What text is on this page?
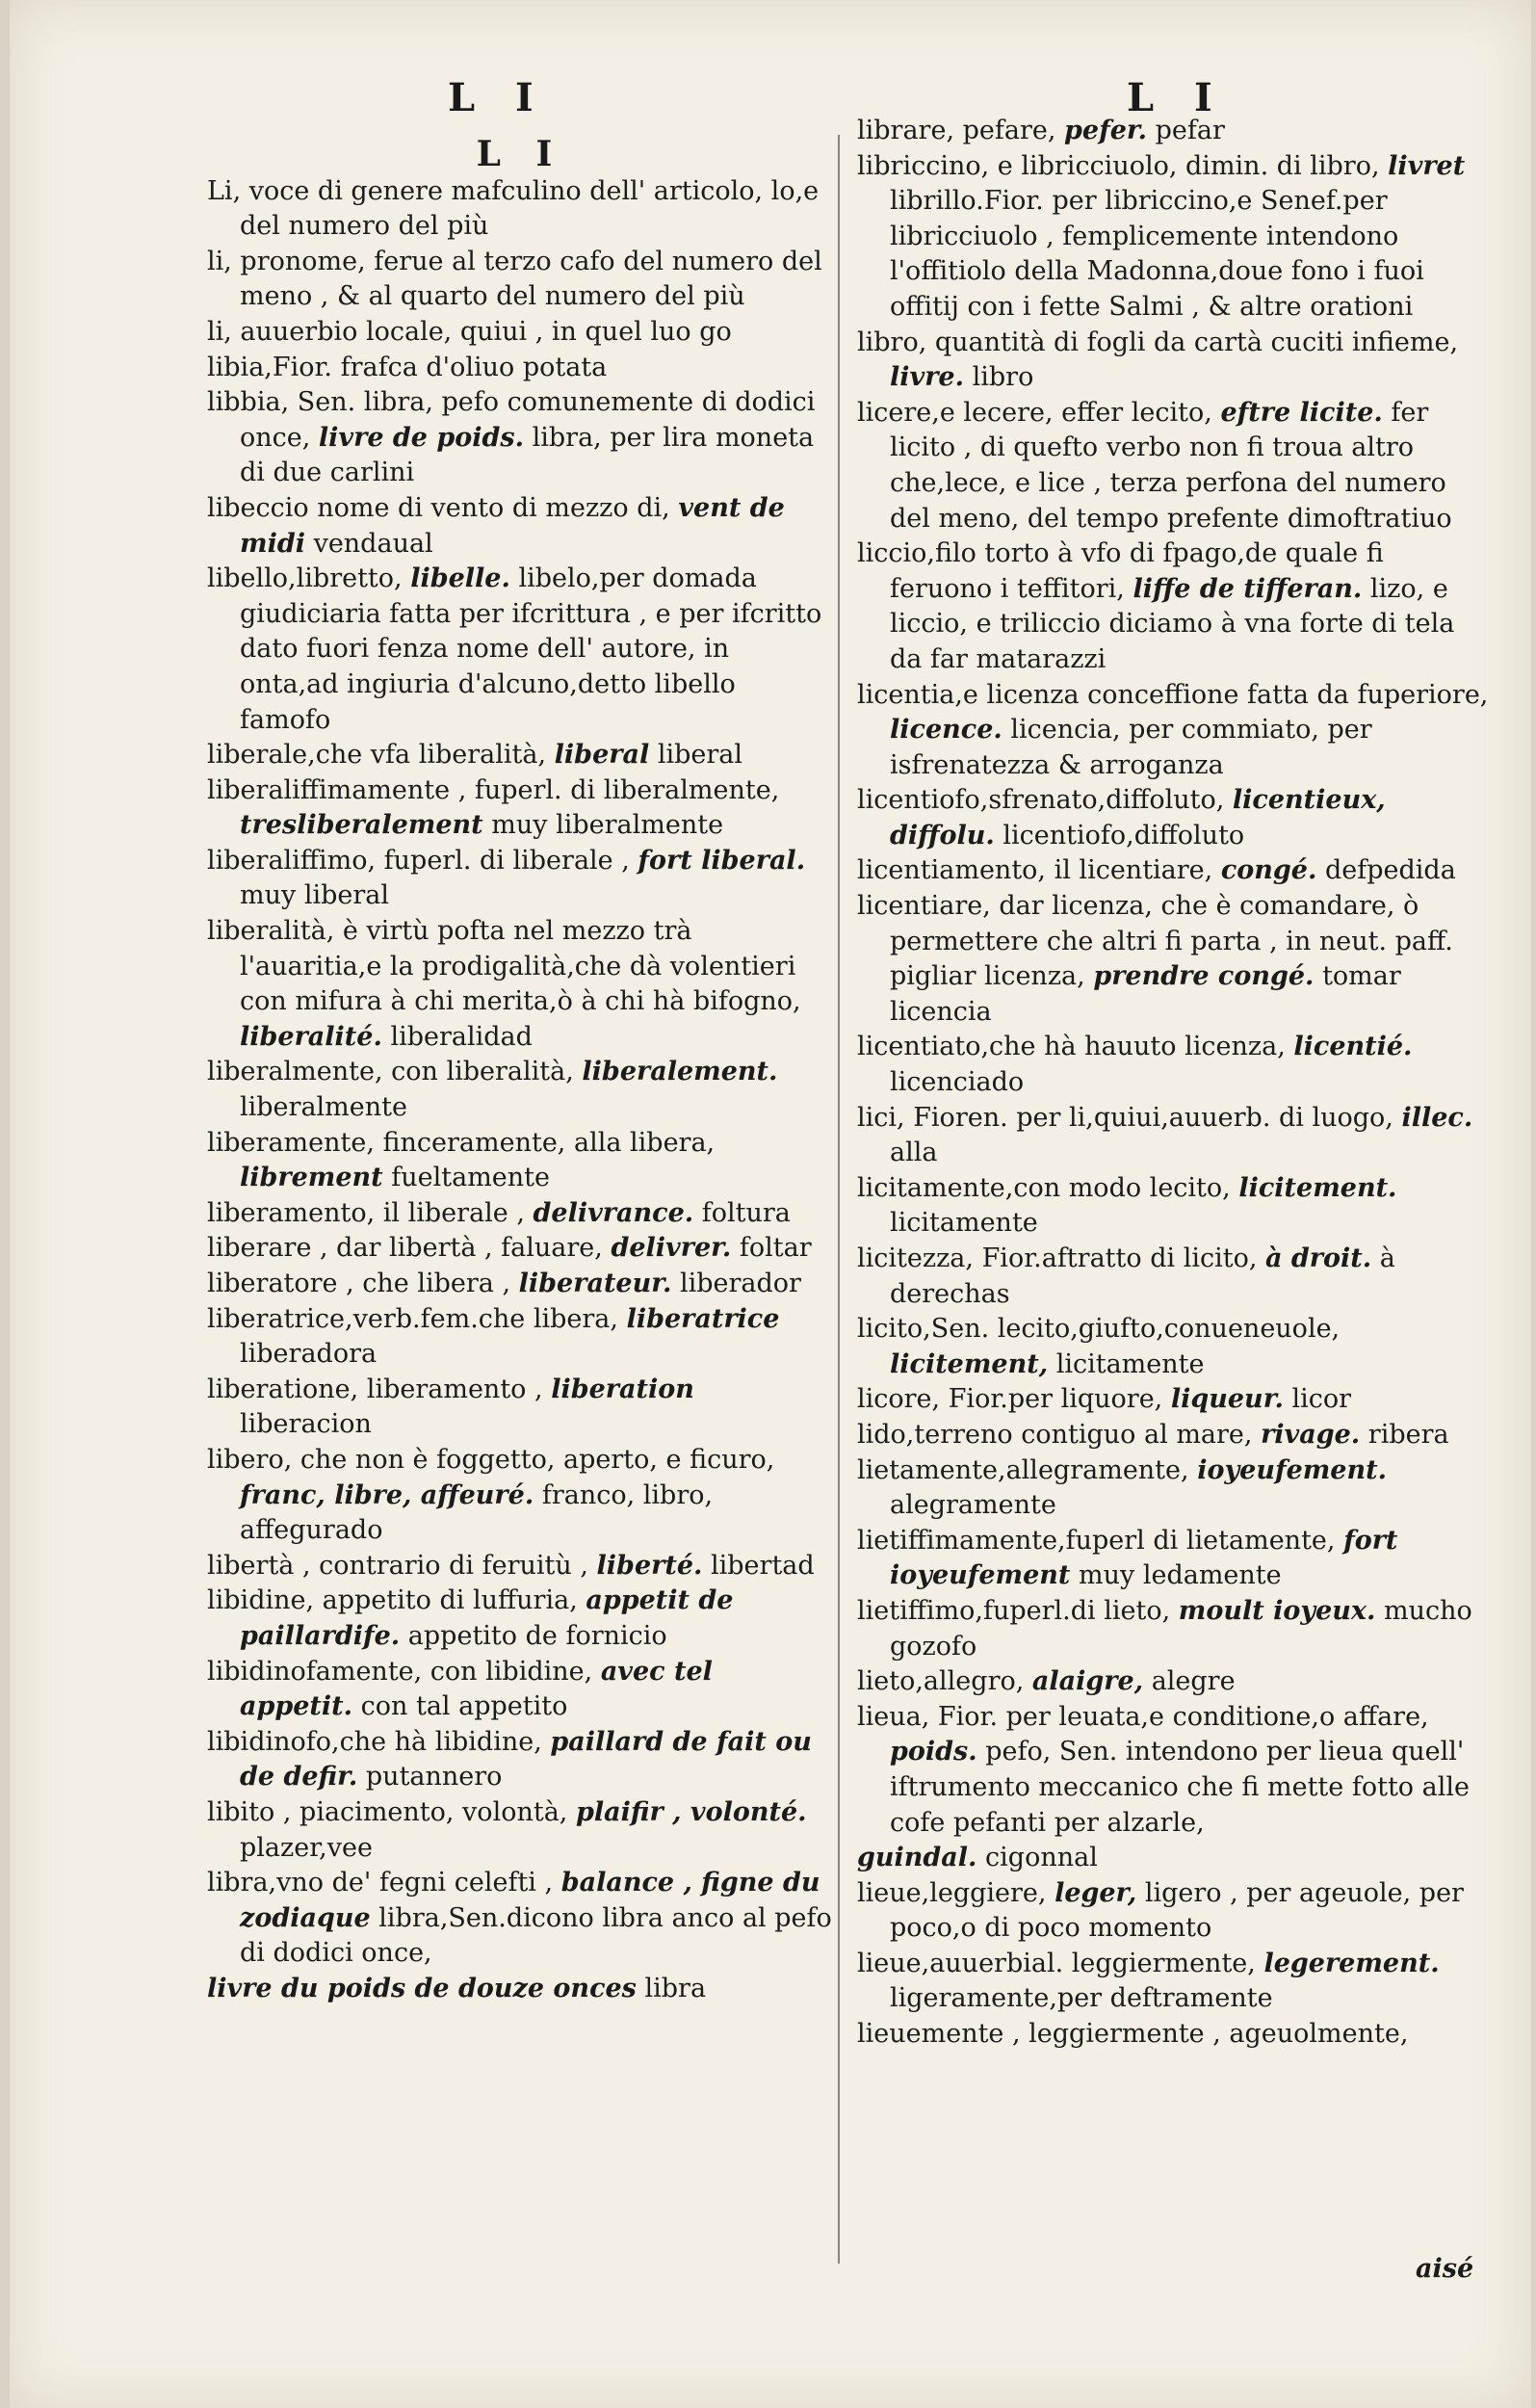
L I	L I
L I

Li, voce di genere mafculino dell' articolo, lo,e del numero del più

li, pronome, ferue al terzo cafo del numero del meno , & al quarto del numero del più

li, auuerbio locale, quiui , in quel luo go

libia,Fior. frafca d'oliuo potata

libbia, Sen. libra, pefo comunemente di dodici once, livre de poids. libra, per lira moneta di due carlini

libeccio nome di vento di mezzo di, vent de midi vendaual

libello,libretto, libelle. libelo,per domada giudiciaria fatta per ifcrittura , e per ifcritto dato fuori fenza nome dell' autore, in onta,ad ingiuria d'alcuno,detto libello famofo

liberale,che vfa liberalità, liberal liberal

liberaliffimamente , fuperl. di liberalmente, tresliberalement muy liberalmente

liberaliffimo, fuperl. di liberale , fort liberal. muy liberal

liberalità, è virtù pofta nel mezzo trà l'auaritia,e la prodigalità,che dà volentieri con mifura à chi merita,ò à chi hà bifogno, liberalité. liberalidad

liberalmente, con liberalità, liberalement. liberalmente

liberamente, finceramente, alla libera, librement fueltamente

liberamento, il liberale , delivrance. foltura

liberare , dar libertà , faluare, delivrer. foltar

liberatore , che libera , liberateur. liberador

liberatrice,verb.fem.che libera, liberatrice liberadora

liberatione, liberamento , liberation liberacion

libero, che non è foggetto, aperto, e ficuro, franc, libre, affeuré. franco, libro, affegurado

libertà , contrario di feruitù , liberté. libertad

libidine, appetito di luffuria, appetit de paillardife. appetito de fornicio

libidinofamente, con libidine, avec tel appetit. con tal appetito

libidinofo,che hà libidine, paillard de fait ou de defir. putannero

libito , piacimento, volontà, plaifir , volonté. plazer,vee

libra,vno de' fegni celefti , balance , figne du zodiaque libra,Sen.dicono libra anco al pefo di dodici once,

livre du poids de douze onces libra

librare, pefare, pefer. pefar

libriccino, e libricciuolo, dimin. di libro, livret librillo.Fior. per libriccino,e Senef.per libricciuolo , femplicemente intendono l'offitiolo della Madonna,doue fono i fuoi offitij con i fette Salmi , & altre orationi

libro, quantità di fogli da cartà cuciti infieme, livre. libro

licere,e lecere, effer lecito, eftre licite. fer licito , di quefto verbo non fi troua altro che,lece, e lice , terza perfona del numero del meno, del tempo prefente dimoftratiuo

liccio,filo torto à vfo di fpago,de quale fi feruono i teffitori, liffe de tifferan. lizo, e liccio, e triliccio diciamo à vna forte di tela da far matarazzi

licentia,e licenza conceffione fatta da fuperiore, licence. licencia, per commiato, per isfrenatezza & arroganza

licentiofo,sfrenato,diffoluto, licentieux, diffolu. licentiofo,diffoluto

licentiamento, il licentiare, congé. defpedida

licentiare, dar licenza, che è comandare, ò permettere che altri fi parta , in neut. paff. pigliar licenza, prendre congé. tomar licencia

licentiato,che hà hauuto licenza, licentié. licenciado

lici, Fioren. per li,quiui,auuerb. di luogo, illec. alla

licitamente,con modo lecito, licitement. licitamente

licitezza, Fior.aftratto di licito, à droit. à derechas

licito,Sen. lecito,giufto,conueneuole, licitement, licitamente

licore, Fior.per liquore, liqueur. licor

lido,terreno contiguo al mare, rivage. ribera

lietamente,allegramente, ioyeufement. alegramente

lietiffimamente,fuperl di lietamente, fort ioyeufement muy ledamente

lietiffimo,fuperl.di lieto, moult ioyeux. mucho gozofo

lieto,allegro, alaigre, alegre

lieua, Fior. per leuata,e conditione,o affare, poids. pefo, Sen. intendono per lieua quell' iftrumento meccanico che fi mette fotto alle cofe pefanti per alzarle,

guindal. cigonnal

lieue,leggiere, leger, ligero , per ageuole, per poco,o di poco momento

lieue,auuerbial. leggiermente, legerement. ligeramente,per deftramente

lieuemente , leggiermente , ageuolmente,

aisé
